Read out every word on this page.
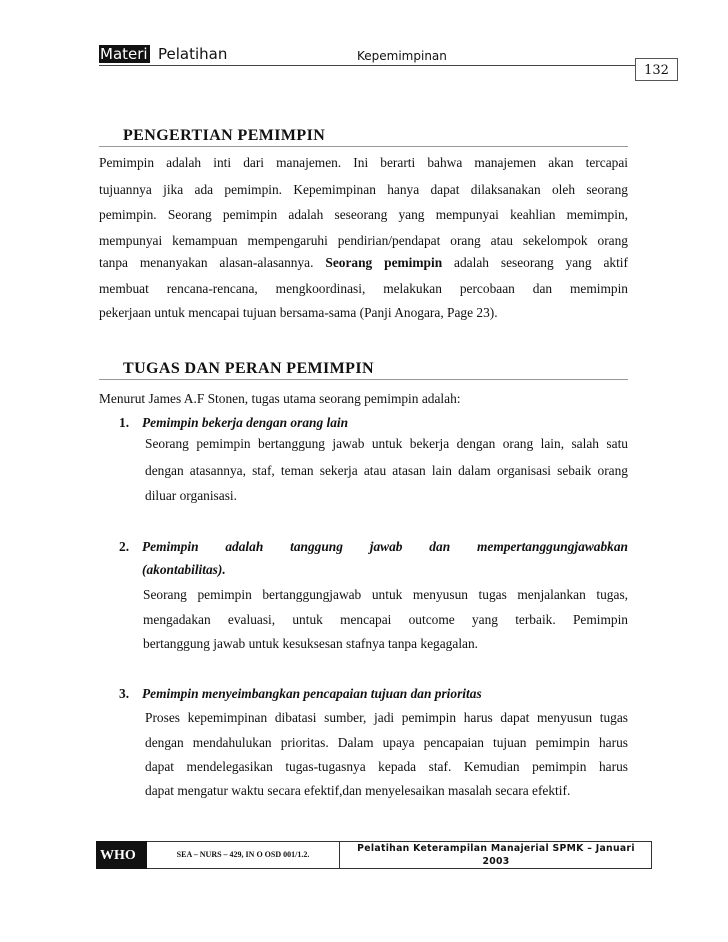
Materi Pelatihan	Kepemimpinan
132
PENGERTIAN PEMIMPIN
Pemimpin adalah inti dari manajemen. Ini berarti bahwa manajemen akan tercapai
tujuannya jika ada pemimpin. Kepemimpinan hanya dapat dilaksanakan oleh seorang
pemimpin. Seorang pemimpin adalah seseorang yang mempunyai keahlian memimpin,
mempunyai kemampuan mempengaruhi pendirian/pendapat orang atau sekelompok orang
tanpa menanyakan alasan-alasannya. Seorang pemimpin adalah seseorang yang aktif
membuat rencana-rencana, mengkoordinasi, melakukan percobaan dan memimpin
pekerjaan untuk mencapai tujuan bersama-sama (Panji Anogara, Page 23).
TUGAS DAN PERAN PEMIMPIN
Menurut James A.F Stonen, tugas utama seorang pemimpin adalah:
1. Pemimpin bekerja dengan orang lain
Seorang pemimpin bertanggung jawab untuk bekerja dengan orang lain, salah satu
dengan atasannya, staf, teman sekerja atau atasan lain dalam organisasi sebaik orang
diluar organisasi.
2. Pemimpin adalah tanggung jawab dan mempertanggungjawabkan
(akontabilitas).
Seorang pemimpin bertanggungjawab untuk menyusun tugas menjalankan tugas,
mengadakan evaluasi, untuk mencapai outcome yang terbaik. Pemimpin
bertanggung jawab untuk kesuksesan stafnya tanpa kegagalan.
3. Pemimpin menyeimbangkan pencapaian tujuan dan prioritas
Proses kepemimpinan dibatasi sumber, jadi pemimpin harus dapat menyusun tugas
dengan mendahulukan prioritas. Dalam upaya pencapaian tujuan pemimpin harus
dapat mendelegasikan tugas-tugasnya kepada staf. Kemudian pemimpin harus
dapat mengatur waktu secara efektif,dan menyelesaikan masalah secara efektif.
WHO	SEA – NURS – 429, IN O OSD 001/1.2.
Pelatihan Keterampilan Manajerial SPMK – Januari
2003
